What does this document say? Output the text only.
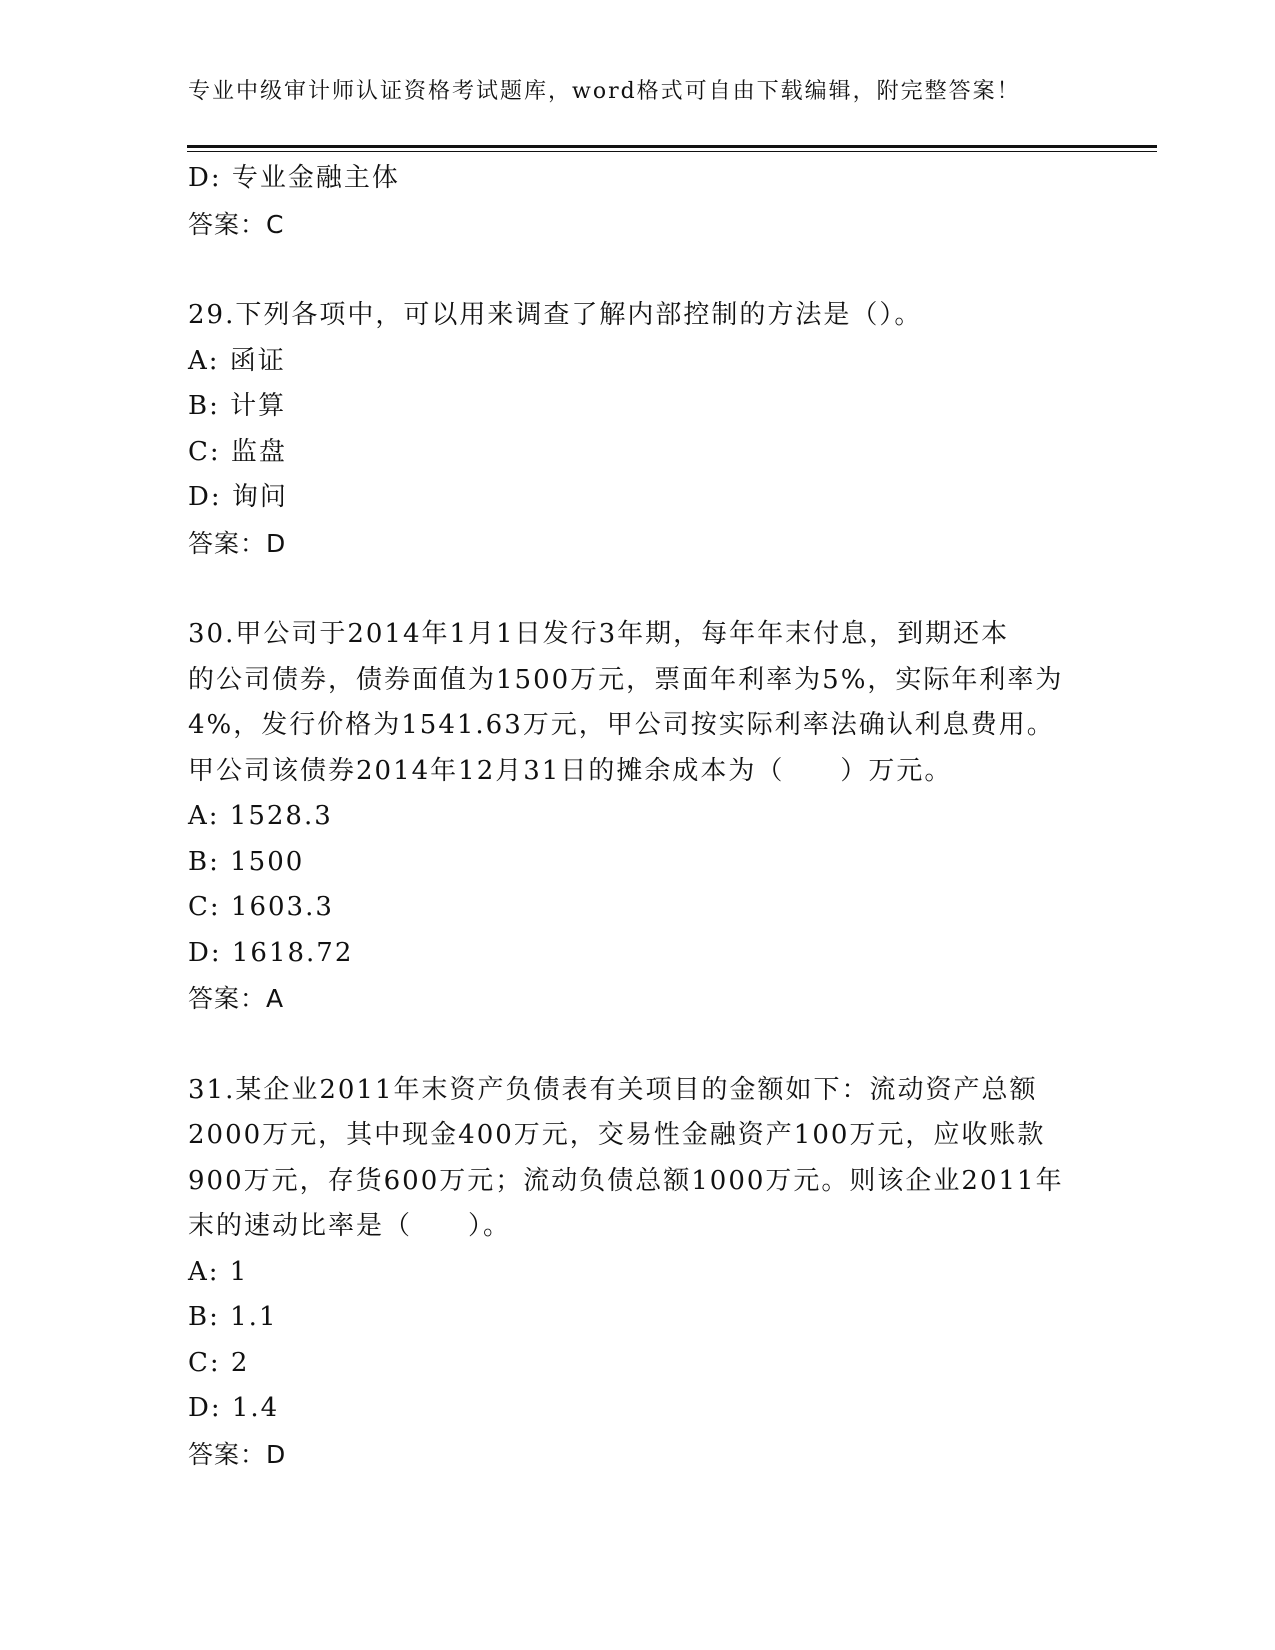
专业中级审计师认证资格考试题库，word格式可自由下载编辑，附完整答案！
D: 专业金融主体
答案：C
29.下列各项中，可以用来调查了解内部控制的方法是（）。
A: 函证
B: 计算
C: 监盘
D: 询问
答案：D
30.甲公司于2014年1月1日发行3年期，每年年末付息，到期还本
的公司债券，债券面值为1500万元，票面年利率为5%，实际年利率为
4%，发行价格为1541.63万元，甲公司按实际利率法确认利息费用。
甲公司该债券2014年12月31日的摊余成本为（　　）万元。
A: 1528.3
B: 1500
C: 1603.3
D: 1618.72
答案：A
31.某企业2011年末资产负债表有关项目的金额如下：流动资产总额
2000万元，其中现金400万元，交易性金融资产100万元，应收账款
900万元，存货600万元；流动负债总额1000万元。则该企业2011年
末的速动比率是（　　）。
A: 1
B: 1.1
C: 2
D: 1.4
答案：D
